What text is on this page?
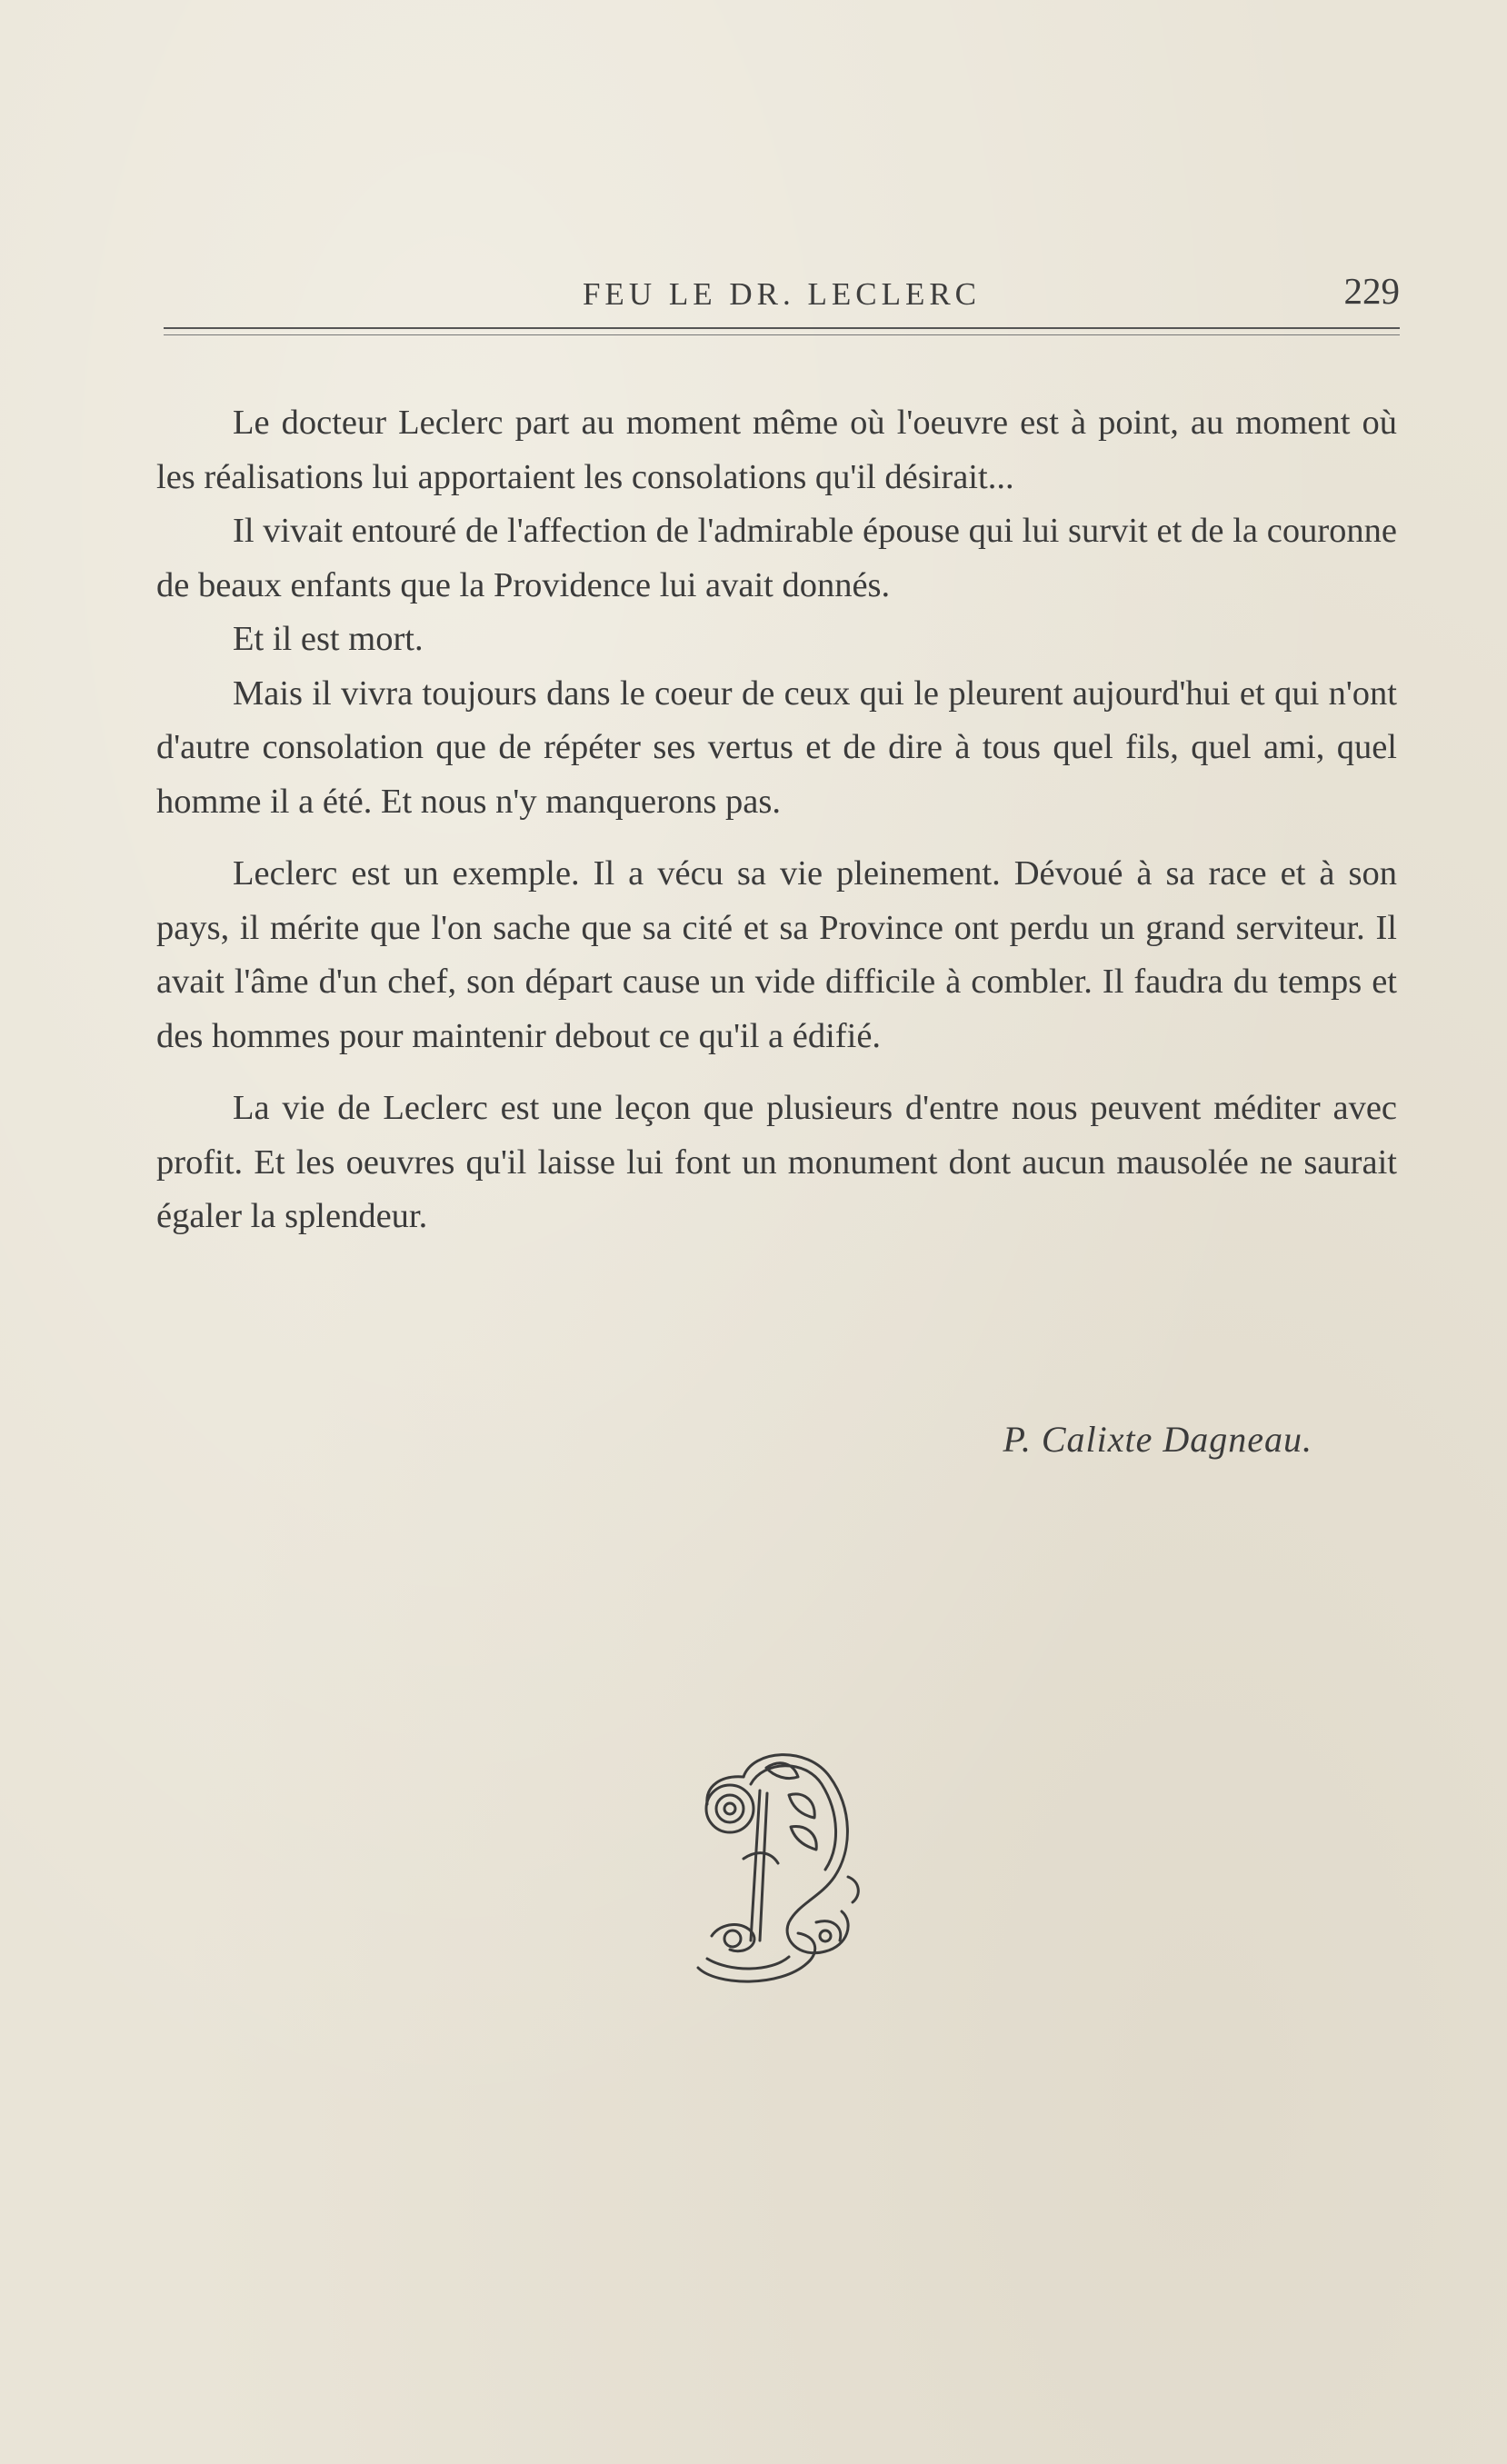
FEU LE DR. LECLERC	229

Le docteur Leclerc part au moment même où l'oeuvre est à point, au moment où les réalisations lui apportaient les consolations qu'il désirait...

Il vivait entouré de l'affection de l'admirable épouse qui lui survit et de la couronne de beaux enfants que la Providence lui avait donnés.

Et il est mort.

Mais il vivra toujours dans le coeur de ceux qui le pleurent aujourd'hui et qui n'ont d'autre consolation que de répéter ses vertus et de dire à tous quel fils, quel ami, quel homme il a été. Et nous n'y manquerons pas.

Leclerc est un exemple. Il a vécu sa vie pleinement. Dévoué à sa race et à son pays, il mérite que l'on sache que sa cité et sa Province ont perdu un grand serviteur. Il avait l'âme d'un chef, son départ cause un vide difficile à combler. Il faudra du temps et des hommes pour maintenir debout ce qu'il a édifié.

La vie de Leclerc est une leçon que plusieurs d'entre nous peuvent méditer avec profit. Et les oeuvres qu'il laisse lui font un monument dont aucun mausolée ne saurait égaler la splendeur.

P. Calixte Dagneau.
